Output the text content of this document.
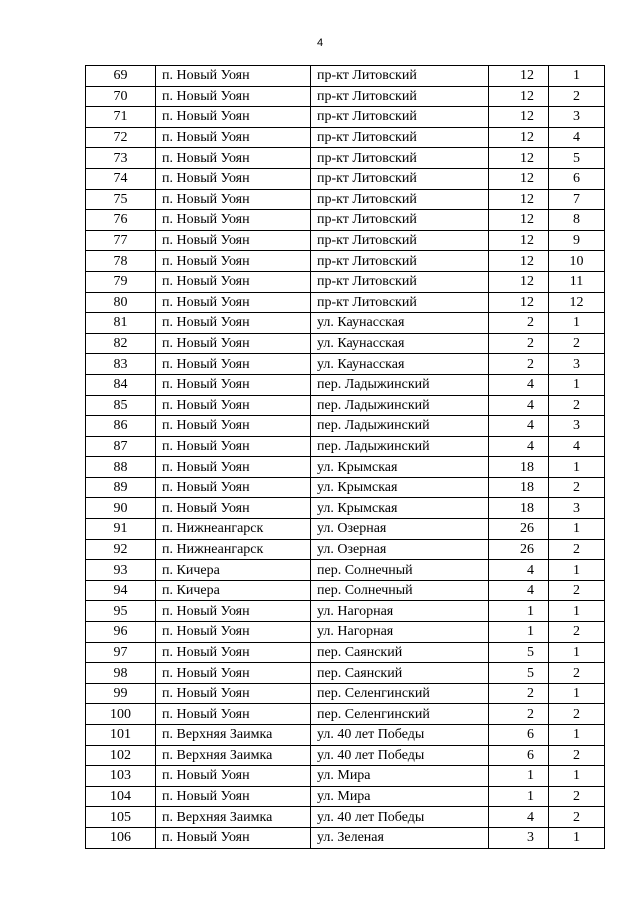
4
69	п. Новый Уоян	пр-кт Литовский	12	1
70	п. Новый Уоян	пр-кт Литовский	12	2
71	п. Новый Уоян	пр-кт Литовский	12	3
72	п. Новый Уоян	пр-кт Литовский	12	4
73	п. Новый Уоян	пр-кт Литовский	12	5
74	п. Новый Уоян	пр-кт Литовский	12	6
75	п. Новый Уоян	пр-кт Литовский	12	7
76	п. Новый Уоян	пр-кт Литовский	12	8
77	п. Новый Уоян	пр-кт Литовский	12	9
78	п. Новый Уоян	пр-кт Литовский	12	10
79	п. Новый Уоян	пр-кт Литовский	12	11
80	п. Новый Уоян	пр-кт Литовский	12	12
81	п. Новый Уоян	ул. Каунасская	2	1
82	п. Новый Уоян	ул. Каунасская	2	2
83	п. Новый Уоян	ул. Каунасская	2	3
84	п. Новый Уоян	пер. Ладыжинский	4	1
85	п. Новый Уоян	пер. Ладыжинский	4	2
86	п. Новый Уоян	пер. Ладыжинский	4	3
87	п. Новый Уоян	пер. Ладыжинский	4	4
88	п. Новый Уоян	ул. Крымская	18	1
89	п. Новый Уоян	ул. Крымская	18	2
90	п. Новый Уоян	ул. Крымская	18	3
91	п. Нижнеангарск	ул. Озерная	26	1
92	п. Нижнеангарск	ул. Озерная	26	2
93	п. Кичера	пер. Солнечный	4	1
94	п. Кичера	пер. Солнечный	4	2
95	п. Новый Уоян	ул. Нагорная	1	1
96	п. Новый Уоян	ул. Нагорная	1	2
97	п. Новый Уоян	пер. Саянский	5	1
98	п. Новый Уоян	пер. Саянский	5	2
99	п. Новый Уоян	пер. Селенгинский	2	1
100	п. Новый Уоян	пер. Селенгинский	2	2
101	п. Верхняя Заимка	ул. 40 лет Победы	6	1
102	п. Верхняя Заимка	ул. 40 лет Победы	6	2
103	п. Новый Уоян	ул. Мира	1	1
104	п. Новый Уоян	ул. Мира	1	2
105	п. Верхняя Заимка	ул. 40 лет Победы	4	2
106	п. Новый Уоян	ул. Зеленая	3	1
